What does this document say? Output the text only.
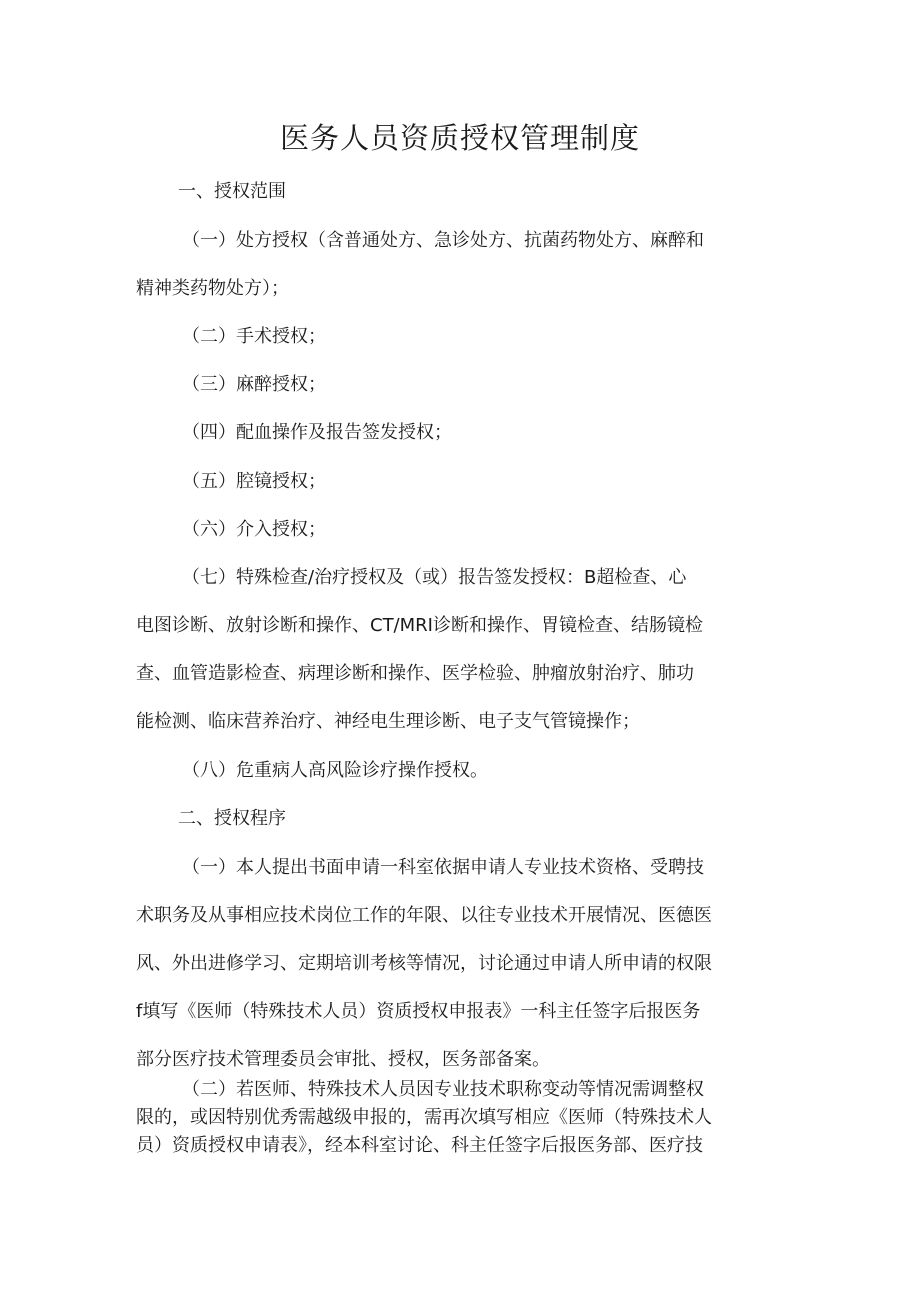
医务人员资质授权管理制度

一、授权范围

（一）处方授权（含普通处方、急诊处方、抗菌药物处方、麻醉和

精神类药物处方）；

（二）手术授权；

（三）麻醉授权；

（四）配血操作及报告签发授权；

（五）腔镜授权；

（六）介入授权；

（七）特殊检查/治疗授权及（或）报告签发授权：B超检查、心

电图诊断、放射诊断和操作、CT/MRI诊断和操作、胃镜检查、结肠镜检

查、血管造影检查、病理诊断和操作、医学检验、肿瘤放射治疗、肺功

能检测、临床营养治疗、神经电生理诊断、电子支气管镜操作；

（八）危重病人高风险诊疗操作授权。

二、授权程序

（一）本人提出书面申请一科室依据申请人专业技术资格、受聘技

术职务及从事相应技术岗位工作的年限、以往专业技术开展情况、医德医

风、外出进修学习、定期培训考核等情况，讨论通过申请人所申请的权限

f填写《医师（特殊技术人员）资质授权申报表》一科主任签字后报医务

部分医疗技术管理委员会审批、授权，医务部备案。

（二）若医师、特殊技术人员因专业技术职称变动等情况需调整权

限的，或因特别优秀需越级申报的，需再次填写相应《医师（特殊技术人

员）资质授权申请表》，经本科室讨论、科主任签字后报医务部、医疗技
